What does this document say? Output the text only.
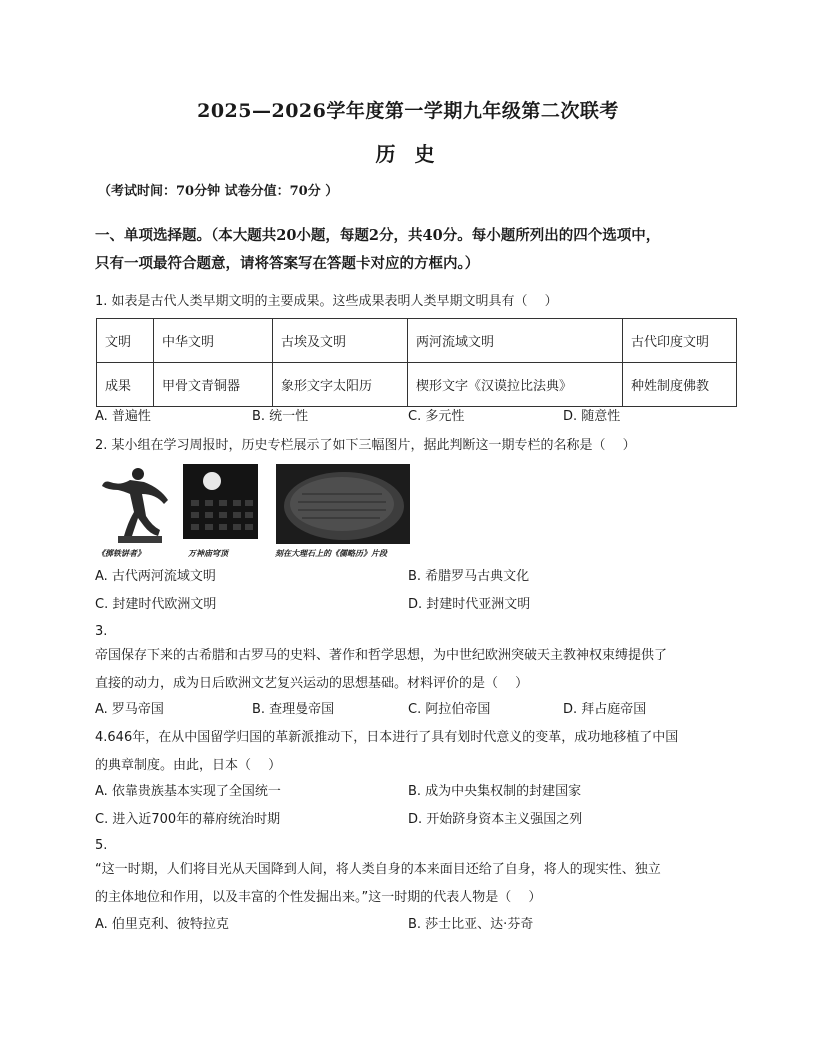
2025—2026学年度第一学期九年级第二次联考
历 史
（考试时间：70分钟 试卷分值：70分 ）
一、单项选择题。（本大题共20小题，每题2分，共40分。每小题所列出的四个选项中，
只有一项最符合题意，请将答案写在答题卡对应的方框内。）
1. 如表是古代人类早期文明的主要成果。这些成果表明人类早期文明具有（　 ）
文明	中华文明	古埃及文明	两河流域文明	古代印度文明
成果	甲骨文青铜器	象形文字太阳历	楔形文字《汉谟拉比法典》	种姓制度佛教
A. 普遍性	B. 统一性	C. 多元性	D. 随意性
2. 某小组在学习周报时，历史专栏展示了如下三幅图片，据此判断这一期专栏的名称是（　 ）
《掷铁饼者》	万神庙穹顶	刻在大理石上的《儒略历》片段
A. 古代两河流域文明	B. 希腊罗马古典文化
C. 封建时代欧洲文明	D. 封建时代亚洲文明
3.
帝国保存下来的古希腊和古罗马的史料、著作和哲学思想，为中世纪欧洲突破天主教神权束缚提供了
直接的动力，成为日后欧洲文艺复兴运动的思想基础。材料评价的是（　 ）
A. 罗马帝国	B. 查理曼帝国	C. 阿拉伯帝国	D. 拜占庭帝国
4.646年，在从中国留学归国的革新派推动下，日本进行了具有划时代意义的变革，成功地移植了中国
的典章制度。由此，日本（　 ）
A. 依靠贵族基本实现了全国统一	B. 成为中央集权制的封建国家
C. 进入近700年的幕府统治时期	D. 开始跻身资本主义强国之列
5.
“这一时期，人们将目光从天国降到人间，将人类自身的本来面目还给了自身，将人的现实性、独立
的主体地位和作用，以及丰富的个性发掘出来。”这一时期的代表人物是（　 ）
A. 伯里克利、彼特拉克	B. 莎士比亚、达·芬奇
